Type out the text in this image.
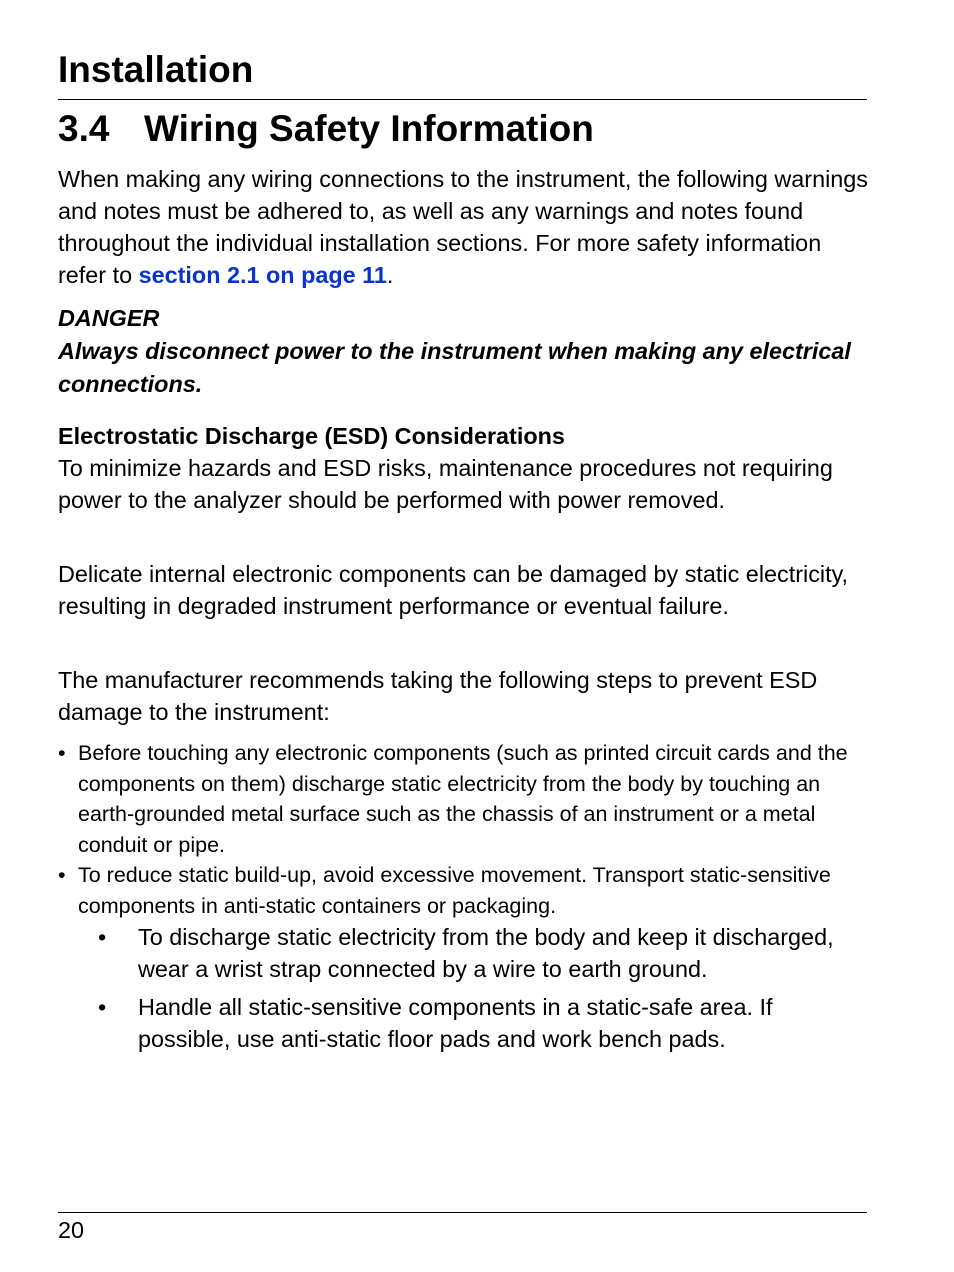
Installation
3.4 Wiring Safety Information
When making any wiring connections to the instrument, the following warnings and notes must be adhered to, as well as any warnings and notes found throughout the individual installation sections. For more safety information refer to section 2.1 on page 11.
DANGER
Always disconnect power to the instrument when making any electrical connections.
Electrostatic Discharge (ESD) Considerations
To minimize hazards and ESD risks, maintenance procedures not requiring power to the analyzer should be performed with power removed.
Delicate internal electronic components can be damaged by static electricity, resulting in degraded instrument performance or eventual failure.
The manufacturer recommends taking the following steps to prevent ESD damage to the instrument:
• Before touching any electronic components (such as printed circuit cards and the components on them) discharge static electricity from the body by touching an earth-grounded metal surface such as the chassis of an instrument or a metal conduit or pipe.
• To reduce static build-up, avoid excessive movement. Transport static-sensitive components in anti-static containers or packaging.
• To discharge static electricity from the body and keep it discharged, wear a wrist strap connected by a wire to earth ground.
• Handle all static-sensitive components in a static-safe area. If possible, use anti-static floor pads and work bench pads.
20
